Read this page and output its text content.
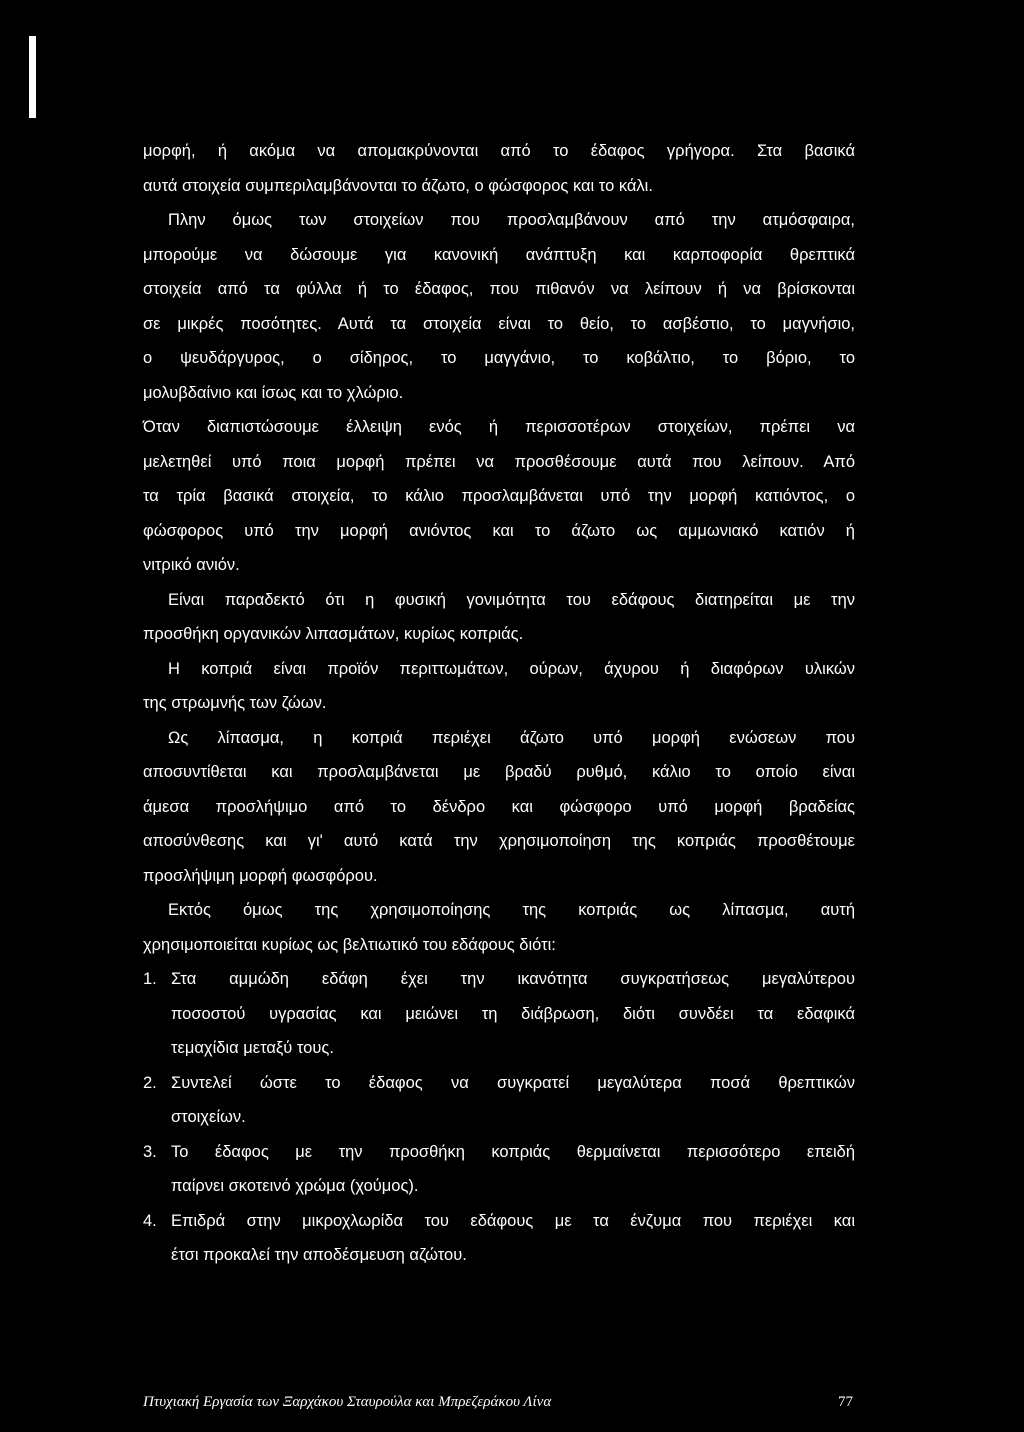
μορφή, ή ακόμα να απομακρύνονται από το έδαφος γρήγορα. Στα βασικά
αυτά στοιχεία συμπεριλαμβάνονται το άζωτο, ο φώσφορος και το κάλι.
Πλην όμως των στοιχείων που προσλαμβάνουν από την ατμόσφαιρα,
μπορούμε να δώσουμε για κανονική ανάπτυξη και καρποφορία θρεπτικά
στοιχεία από τα φύλλα ή το έδαφος, που πιθανόν να λείπουν ή να βρίσκονται
σε μικρές ποσότητες. Αυτά τα στοιχεία είναι το θείο, το ασβέστιο, το μαγνήσιο,
ο ψευδάργυρος, ο σίδηρος, το μαγγάνιο, το κοβάλτιο, το βόριο, το
μολυβδαίνιο και ίσως και το χλώριο.
Όταν διαπιστώσουμε έλλειψη ενός ή περισσοτέρων στοιχείων, πρέπει να
μελετηθεί υπό ποια μορφή πρέπει να προσθέσουμε αυτά που λείπουν. Από
τα τρία βασικά στοιχεία, το κάλιο προσλαμβάνεται υπό την μορφή κατιόντος, ο
φώσφορος υπό την μορφή ανιόντος και το άζωτο ως αμμωνιακό κατιόν ή
νιτρικό ανιόν.
Είναι παραδεκτό ότι η φυσική γονιμότητα του εδάφους διατηρείται με την
προσθήκη οργανικών λιπασμάτων, κυρίως κοπριάς.
Η κοπριά είναι προϊόν περιττωμάτων, ούρων, άχυρου ή διαφόρων υλικών
της στρωμνής των ζώων.
Ως λίπασμα, η κοπριά περιέχει άζωτο υπό μορφή ενώσεων που
αποσυντίθεται και προσλαμβάνεται με βραδύ ρυθμό, κάλιο το οποίο είναι
άμεσα προσλήψιμο από το δένδρο και φώσφορο υπό μορφή βραδείας
αποσύνθεσης και γι' αυτό κατά την χρησιμοποίηση της κοπριάς προσθέτουμε
προσλήψιμη μορφή φωσφόρου.
Εκτός όμως της χρησιμοποίησης της κοπριάς ως λίπασμα, αυτή
χρησιμοποιείται κυρίως ως βελτιωτικό του εδάφους διότι:
1. Στα αμμώδη εδάφη έχει την ικανότητα συγκρατήσεως μεγαλύτερου
ποσοστού υγρασίας και μειώνει τη διάβρωση, διότι συνδέει τα εδαφικά
τεμαχίδια μεταξύ τους.
2. Συντελεί ώστε το έδαφος να συγκρατεί μεγαλύτερα ποσά θρεπτικών
στοιχείων.
3. Το έδαφος με την προσθήκη κοπριάς θερμαίνεται περισσότερο επειδή
παίρνει σκοτεινό χρώμα (χούμος).
4. Επιδρά στην μικροχλωρίδα του εδάφους με τα ένζυμα που περιέχει και
έτσι προκαλεί την αποδέσμευση αζώτου.
Πτυχιακή Εργασία των Ξαρχάκου Σταυρούλα και Μπρεζεράκου Λίνα	77
